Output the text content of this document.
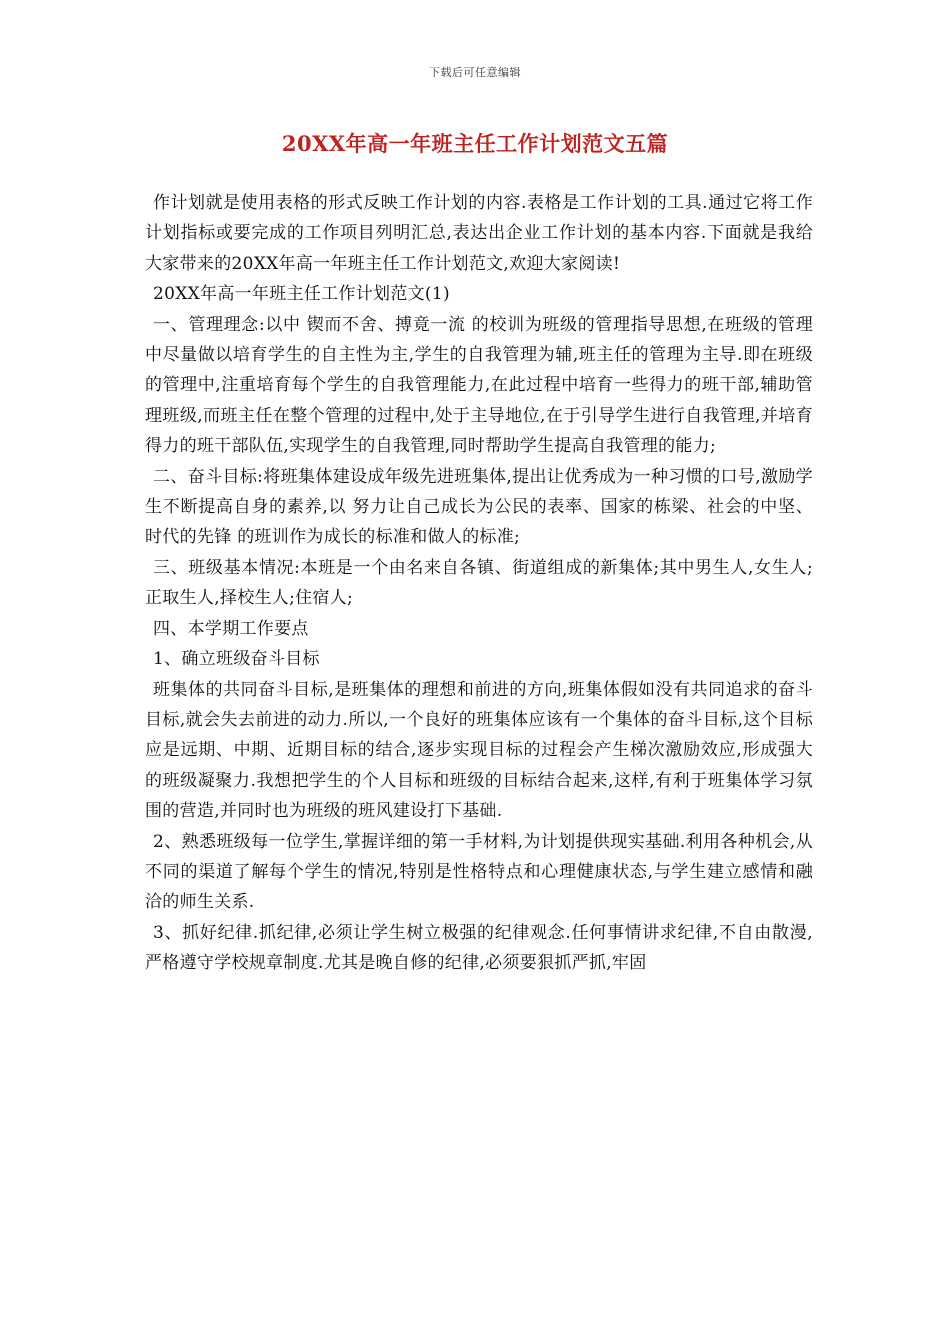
下载后可任意编辑
20XX年高一年班主任工作计划范文五篇

作计划就是使用表格的形式反映工作计划的内容.表格是工作计划的工具.通过它将工作计划指标或要完成的工作项目列明汇总,表达出企业工作计划的基本内容.下面就是我给大家带来的20XX年高一年班主任工作计划范文,欢迎大家阅读!

20XX年高一年班主任工作计划范文(1)

一、管理理念:以中 锲而不舍、搏竟一流 的校训为班级的管理指导思想,在班级的管理中尽量做以培育学生的自主性为主,学生的自我管理为辅,班主任的管理为主导.即在班级的管理中,注重培育每个学生的自我管理能力,在此过程中培育一些得力的班干部,辅助管理班级,而班主任在整个管理的过程中,处于主导地位,在于引导学生进行自我管理,并培育得力的班干部队伍,实现学生的自我管理,同时帮助学生提高自我管理的能力;

二、奋斗目标:将班集体建设成年级先进班集体,提出让优秀成为一种习惯的口号,激励学生不断提高自身的素养,以 努力让自己成长为公民的表率、国家的栋梁、社会的中坚、时代的先锋 的班训作为成长的标准和做人的标准;

三、班级基本情况:本班是一个由名来自各镇、街道组成的新集体;其中男生人,女生人;正取生人,择校生人;住宿人;

四、本学期工作要点

1、确立班级奋斗目标

班集体的共同奋斗目标,是班集体的理想和前进的方向,班集体假如没有共同追求的奋斗目标,就会失去前进的动力.所以,一个良好的班集体应该有一个集体的奋斗目标,这个目标应是远期、中期、近期目标的结合,逐步实现目标的过程会产生梯次激励效应,形成强大的班级凝聚力.我想把学生的个人目标和班级的目标结合起来,这样,有利于班集体学习氛围的营造,并同时也为班级的班风建设打下基础.

2、熟悉班级每一位学生,掌握详细的第一手材料,为计划提供现实基础.利用各种机会,从不同的渠道了解每个学生的情况,特别是性格特点和心理健康状态,与学生建立感情和融洽的师生关系.

3、抓好纪律.抓纪律,必须让学生树立极强的纪律观念.任何事情讲求纪律,不自由散漫,严格遵守学校规章制度.尤其是晚自修的纪律,必须要狠抓严抓,牢固
